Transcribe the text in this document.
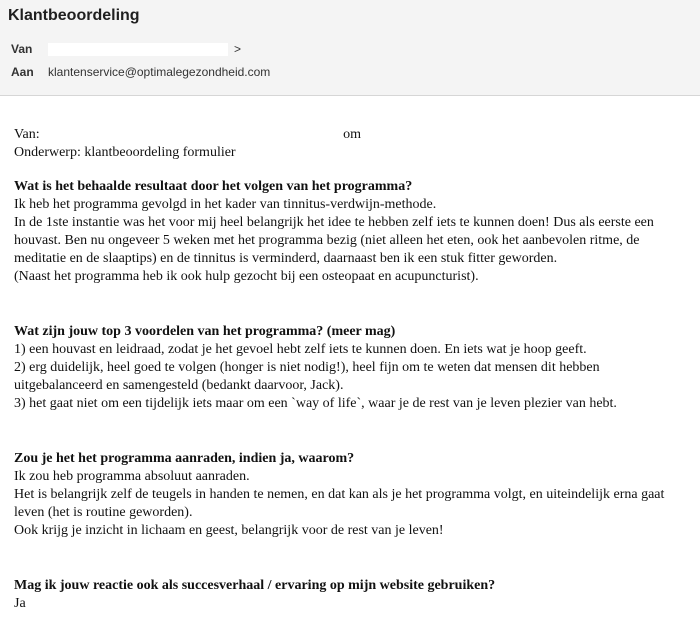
Klantbeoordeling
Van	>
Aan	klantenservice@optimalegezondheid.com
Van:	om
Onderwerp: klantbeoordeling formulier
Wat is het behaalde resultaat door het volgen van het programma?
Ik heb het programma gevolgd in het kader van tinnitus-verdwijn-methode.
In de 1ste instantie was het voor mij heel belangrijk het idee te hebben zelf iets te kunnen doen! Dus als eerste een
houvast. Ben nu ongeveer 5 weken met het programma bezig (niet alleen het eten, ook het aanbevolen ritme, de
meditatie en de slaaptips) en de tinnitus is verminderd, daarnaast ben ik een stuk fitter geworden.
(Naast het programma heb ik ook hulp gezocht bij een osteopaat en acupuncturist).
Wat zijn jouw top 3 voordelen van het programma? (meer mag)
1) een houvast en leidraad, zodat je het gevoel hebt zelf iets te kunnen doen. En iets wat je hoop geeft.
2) erg duidelijk, heel goed te volgen (honger is niet nodig!), heel fijn om te weten dat mensen dit hebben
uitgebalanceerd en samengesteld (bedankt daarvoor, Jack).
3) het gaat niet om een tijdelijk iets maar om een `way of life`, waar je de rest van je leven plezier van hebt.
Zou je het het programma aanraden, indien ja, waarom?
Ik zou heb programma absoluut aanraden.
Het is belangrijk zelf de teugels in handen te nemen, en dat kan als je het programma volgt, en uiteindelijk erna gaat
leven (het is routine geworden).
Ook krijg je inzicht in lichaam en geest, belangrijk voor de rest van je leven!
Mag ik jouw reactie ook als succesverhaal / ervaring op mijn website gebruiken?
Ja
